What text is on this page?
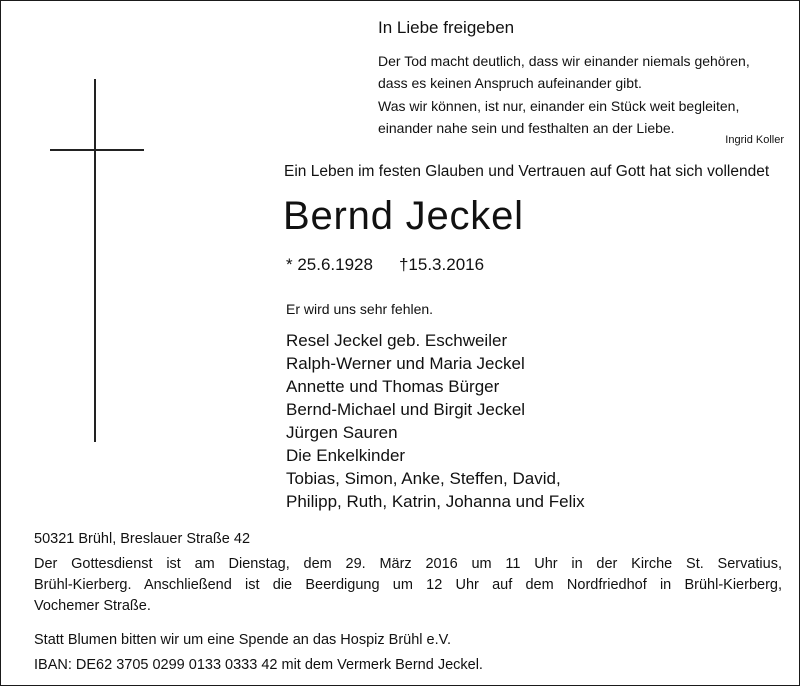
In Liebe freigeben
Der Tod macht deutlich, dass wir einander niemals gehören,
dass es keinen Anspruch aufeinander gibt.
Was wir können, ist nur, einander ein Stück weit begleiten,
einander nahe sein und festhalten an der Liebe.
Ingrid Koller
Ein Leben im festen Glauben und Vertrauen auf Gott hat sich vollendet
Bernd Jeckel
* 25.6.1928 †15.3.2016
Er wird uns sehr fehlen.
Resel Jeckel geb. Eschweiler
Ralph-Werner und Maria Jeckel
Annette und Thomas Bürger
Bernd-Michael und Birgit Jeckel
Jürgen Sauren
Die Enkelkinder
Tobias, Simon, Anke, Steffen, David,
Philipp, Ruth, Katrin, Johanna und Felix
50321 Brühl, Breslauer Straße 42
Der Gottesdienst ist am Dienstag, dem 29. März 2016 um 11 Uhr in der Kirche St. Servatius,
Brühl-Kierberg. Anschließend ist die Beerdigung um 12 Uhr auf dem Nordfriedhof in Brühl-Kierberg,
Vochemer Straße.
Statt Blumen bitten wir um eine Spende an das Hospiz Brühl e.V.
IBAN: DE62 3705 0299 0133 0333 42 mit dem Vermerk Bernd Jeckel.
